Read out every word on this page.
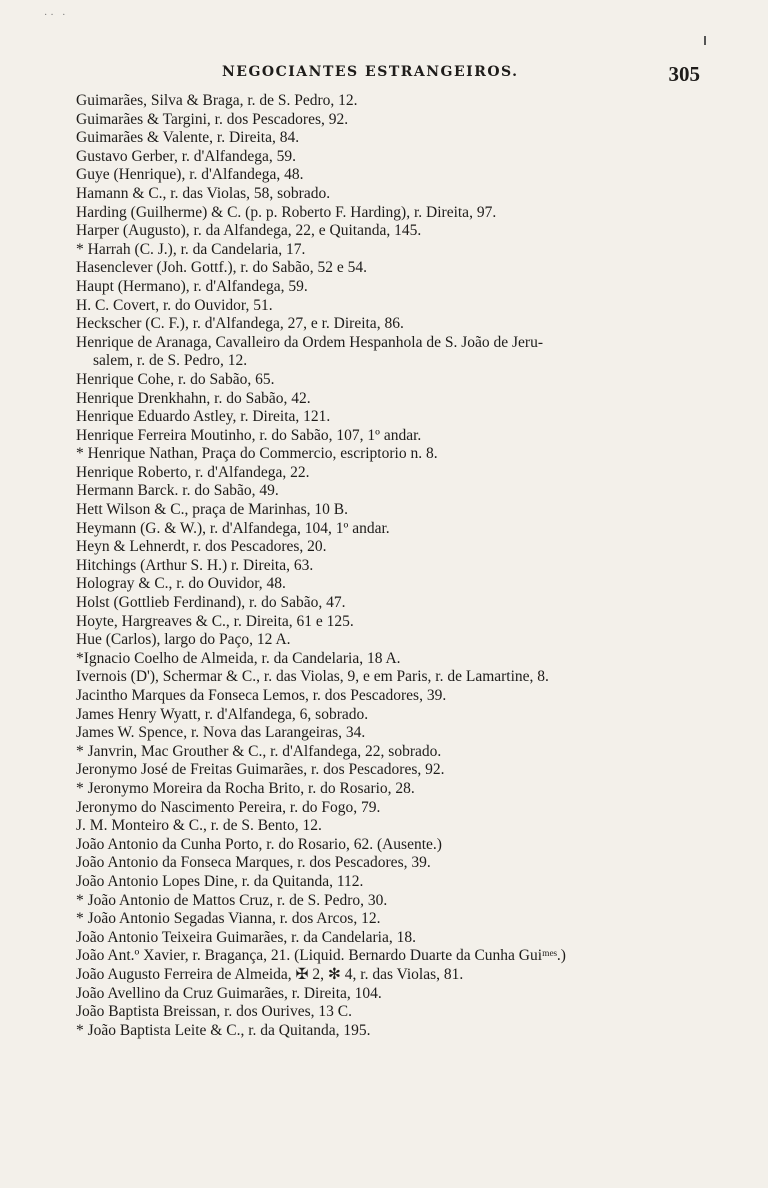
·· ·
NEGOCIANTES ESTRANGEIROS.	305
Guimarães, Silva & Braga, r. de S. Pedro, 12.
Guimarães & Targini, r. dos Pescadores, 92.
Guimarães & Valente, r. Direita, 84.
Gustavo Gerber, r. d'Alfandega, 59.
Guye (Henrique), r. d'Alfandega, 48.
Hamann & C., r. das Violas, 58, sobrado.
Harding (Guilherme) & C. (p. p. Roberto F. Harding), r. Direita, 97.
Harper (Augusto), r. da Alfandega, 22, e Quitanda, 145.
* Harrah (C. J.), r. da Candelaria, 17.
Hasenclever (Joh. Gottf.), r. do Sabão, 52 e 54.
Haupt (Hermano), r. d'Alfandega, 59.
H. C. Covert, r. do Ouvidor, 51.
Heckscher (C. F.), r. d'Alfandega, 27, e r. Direita, 86.
Henrique de Aranaga, Cavalleiro da Ordem Hespanhola de S. João de Jeru-
salem, r. de S. Pedro, 12.
Henrique Cohe, r. do Sabão, 65.
Henrique Drenkhahn, r. do Sabão, 42.
Henrique Eduardo Astley, r. Direita, 121.
Henrique Ferreira Moutinho, r. do Sabão, 107, 1º andar.
* Henrique Nathan, Praça do Commercio, escriptorio n. 8.
Henrique Roberto, r. d'Alfandega, 22.
Hermann Barck. r. do Sabão, 49.
Hett Wilson & C., praça de Marinhas, 10 B.
Heymann (G. & W.), r. d'Alfandega, 104, 1º andar.
Heyn & Lehnerdt, r. dos Pescadores, 20.
Hitchings (Arthur S. H.) r. Direita, 63.
Hologray & C., r. do Ouvidor, 48.
Holst (Gottlieb Ferdinand), r. do Sabão, 47.
Hoyte, Hargreaves & C., r. Direita, 61 e 125.
Hue (Carlos), largo do Paço, 12 A.
*Ignacio Coelho de Almeida, r. da Candelaria, 18 A.
Ivernois (D'), Schermar & C., r. das Violas, 9, e em Paris, r. de Lamartine, 8.
Jacintho Marques da Fonseca Lemos, r. dos Pescadores, 39.
James Henry Wyatt, r. d'Alfandega, 6, sobrado.
James W. Spence, r. Nova das Larangeiras, 34.
* Janvrin, Mac Grouther & C., r. d'Alfandega, 22, sobrado.
Jeronymo José de Freitas Guimarães, r. dos Pescadores, 92.
* Jeronymo Moreira da Rocha Brito, r. do Rosario, 28.
Jeronymo do Nascimento Pereira, r. do Fogo, 79.
J. M. Monteiro & C., r. de S. Bento, 12.
João Antonio da Cunha Porto, r. do Rosario, 62. (Ausente.)
João Antonio da Fonseca Marques, r. dos Pescadores, 39.
João Antonio Lopes Dine, r. da Quitanda, 112.
* João Antonio de Mattos Cruz, r. de S. Pedro, 30.
* João Antonio Segadas Vianna, r. dos Arcos, 12.
João Antonio Teixeira Guimarães, r. da Candelaria, 18.
João Ant.º Xavier, r. Bragança, 21. (Liquid. Bernardo Duarte da Cunha Guiᵐᵉˢ.)
João Augusto Ferreira de Almeida, ✠ 2, ✻ 4, r. das Violas, 81.
João Avellino da Cruz Guimarães, r. Direita, 104.
João Baptista Breissan, r. dos Ourives, 13 C.
* João Baptista Leite & C., r. da Quitanda, 195.
